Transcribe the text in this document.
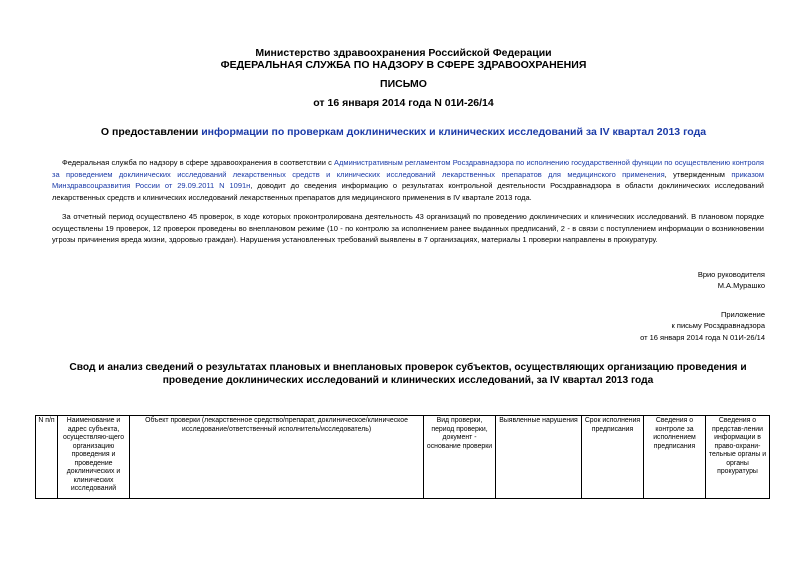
Министерство здравоохранения Российской Федерации
ФЕДЕРАЛЬНАЯ СЛУЖБА ПО НАДЗОРУ В СФЕРЕ ЗДРАВООХРАНЕНИЯ
ПИСЬМО
от 16 января 2014 года N 01И-26/14
О предоставлении информации по проверкам доклинических и клинических исследований за IV квартал 2013 года
Федеральная служба по надзору в сфере здравоохранения в соответствии с Административным регламентом Росздравнадзора по исполнению государственной функции по осуществлению контроля за проведением доклинических исследований лекарственных средств и клинических исследований лекарственных препаратов для медицинского применения, утвержденным приказом Минздравсоцразвития России от 29.09.2011 N 1091н, доводит до сведения информацию о результатах контрольной деятельности Росздравнадзора в области доклинических исследований лекарственных средств и клинических исследований лекарственных препаратов для медицинского применения в IV квартале 2013 года.
За отчетный период осуществлено 45 проверок, в ходе которых проконтролирована деятельность 43 организаций по проведению доклинических и клинических исследований. В плановом порядке осуществлены 19 проверок, 12 проверок проведены во внеплановом режиме (10 - по контролю за исполнением ранее выданных предписаний, 2 - в связи с поступлением информации о возникновении угрозы причинения вреда жизни, здоровью граждан). Нарушения установленных требований выявлены в 7 организациях, материалы 1 проверки направлены в прокуратуру.
Врио руководителя
М.А.Мурашко
Приложение
к письму Росздравнадзора
от 16 января 2014 года N 01И-26/14
Свод и анализ сведений о результатах плановых и внеплановых проверок субъектов, осуществляющих организацию проведения и проведение доклинических исследований и клинических исследований, за IV квартал 2013 года
N п/п	Наименование и адрес субъекта, осуществляю-щего организацию проведения и проведение доклинических и клинических исследований	Объект проверки (лекарственное средство/препарат, доклиническое/клиническое исследование/ответственный исполнитель/исследователь)	Вид проверки, период проверки, документ - основание проверки	Выявленные нарушения	Срок исполнения предписания	Сведения о контроле за исполнением предписания	Сведения о представ-лении информации в право-охрани-тельные органы и органы прокуратуры
